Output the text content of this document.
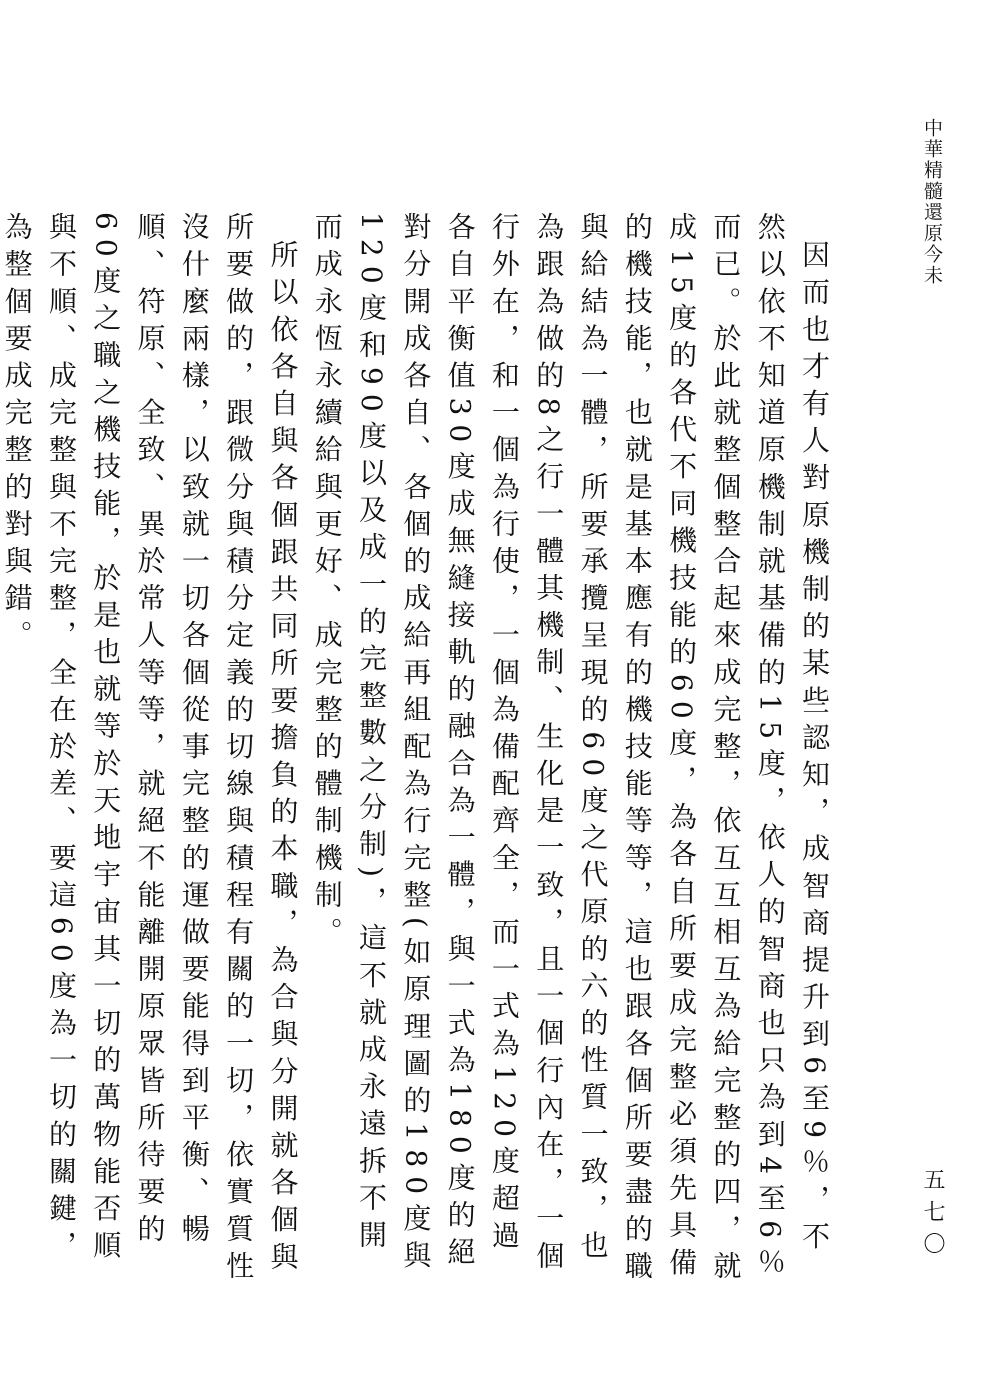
中華精髓還原今未
五七〇

因而也才有人對原機制的某些認知，成智商提升到6至9％，不然以依不知道原機制就基備的15度，依人的智商也只為到4至6％而已。於此就整個整合起來成完整，依互互相互為給完整的四，就成15度的各代不同機技能的60度，為各自所要成完整必須先具備的機技能，也就是基本應有的機技能等等，這也跟各個所要盡的職與給結為一體，所要承攬呈現的60度之代原的六的性質一致，也為跟為做的8之行一體其機制、生化是一致，且一個行內在，一個行外在，和一個為行使，一個為備配齊全，而一式為120度超過各自平衡值30度成無縫接軌的融合為一體，與一式為180度的絕對分開成各自、各個的成給再組配為行完整(如原理圖的180度與120度和90度以及成一的完整數之分制)，這不就成永遠拆不開而成永恆永續給與更好、成完整的體制機制。

所以依各自與各個跟共同所要擔負的本職，為合與分開就各個與所要做的，跟微分與積分定義的切線與積程有關的一切，依實質性沒什麼兩樣，以致就一切各個從事完整的運做要能得到平衡、暢順、符原、全致、異於常人等等，就絕不能離開原眾皆所待要的60度之職之機技能，於是也就等於天地宇宙其一切的萬物能否順與不順、成完整與不完整，全在於差、要這60度為一切的關鍵，為整個要成完整的對與錯。
